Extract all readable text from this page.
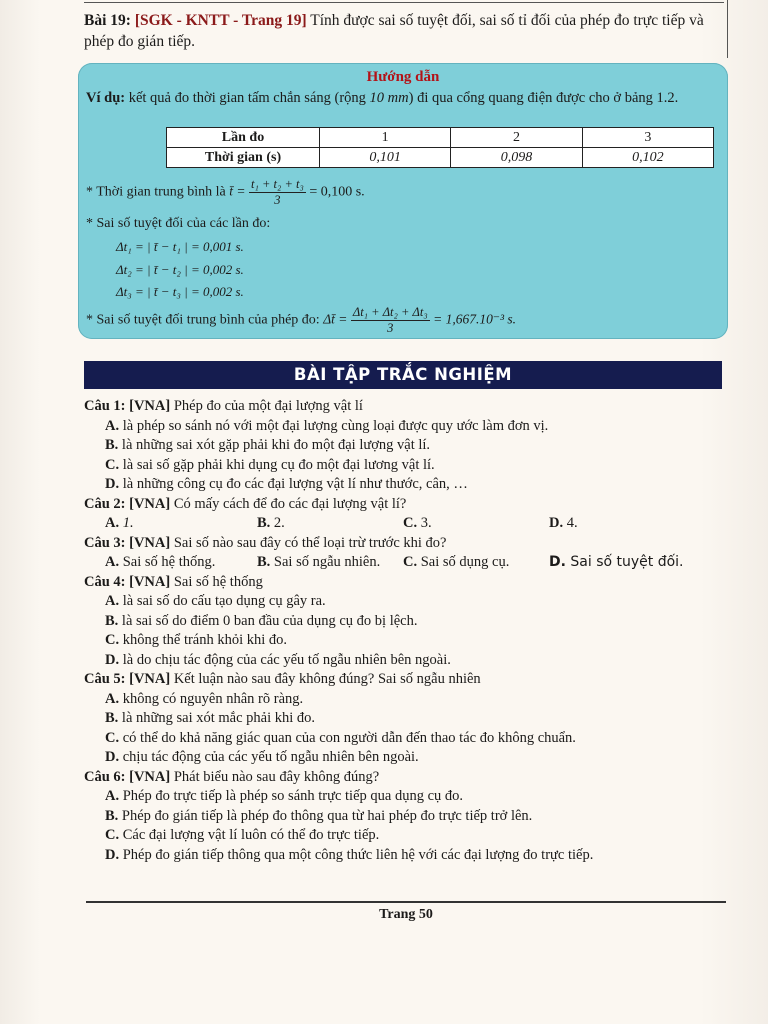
Bài 19: [SGK - KNTT - Trang 19] Tính được sai số tuyệt đối, sai số tỉ đối của phép đo trực tiếp và phép đo gián tiếp.
Hướng dẫn
Ví dụ: kết quả đo thời gian tấm chắn sáng (rộng 10 mm) đi qua cổng quang điện được cho ở bảng 1.2.
Lần đo	1	2	3
Thời gian (s)	0,101	0,098	0,102
* Thời gian trung bình là t̄ = $\frac{\text{t₁ + t₂ + t₃}}{3} = 0,100$ s.
* Sai số tuyệt đối của các lần đo:
Δt₁ = | t̄ − t₁ | = 0,001 s.
Δt₂ = | t̄ − t₂ | = 0,002 s.
Δt₃ = | t̄ − t₃ | = 0,002 s.
* Sai số tuyệt đối trung bình của phép đo: Δt̄ = $\frac{\text{Δt₁ + Δt₂ + Δt₃}}{3} = 1,667.10^{-3}$ s.
BÀI TẬP TRẮC NGHIỆM
Câu 1: [VNA] Phép đo của một đại lượng vật lí
A. là phép so sánh nó với một đại lượng cùng loại được quy ước làm đơn vị.
B. là những sai xót gặp phải khi đo một đại lượng vật lí.
C. là sai số gặp phải khi dụng cụ đo một đại lương vật lí.
D. là những công cụ đo các đại lượng vật lí như thước, cân, …
Câu 2: [VNA] Có mấy cách để đo các đại lượng vật lí?
A. 1.	B. 2.	C. 3.	D. 4.
Câu 3: [VNA] Sai số nào sau đây có thể loại trừ trước khi đo?
A. Sai số hệ thống.	B. Sai số ngẫu nhiên.	C. Sai số dụng cụ.	D. Sai số tuyệt đối.
Câu 4: [VNA] Sai số hệ thống
A. là sai số do cấu tạo dụng cụ gây ra.
B. là sai số do điểm 0 ban đầu của dụng cụ đo bị lệch.
C. không thể tránh khỏi khi đo.
D. là do chịu tác động của các yếu tố ngẫu nhiên bên ngoài.
Câu 5: [VNA] Kết luận nào sau đây không đúng? Sai số ngẫu nhiên
A. không có nguyên nhân rõ ràng.
B. là những sai xót mắc phải khi đo.
C. có thể do khả năng giác quan của con người dẫn đến thao tác đo không chuẩn.
D. chịu tác động của các yếu tố ngẫu nhiên bên ngoài.
Câu 6: [VNA] Phát biểu nào sau đây không đúng?
A. Phép đo trực tiếp là phép so sánh trực tiếp qua dụng cụ đo.
B. Phép đo gián tiếp là phép đo thông qua từ hai phép đo trực tiếp trở lên.
C. Các đại lượng vật lí luôn có thể đo trực tiếp.
D. Phép đo gián tiếp thông qua một công thức liên hệ với các đại lượng đo trực tiếp.
Trang 50
